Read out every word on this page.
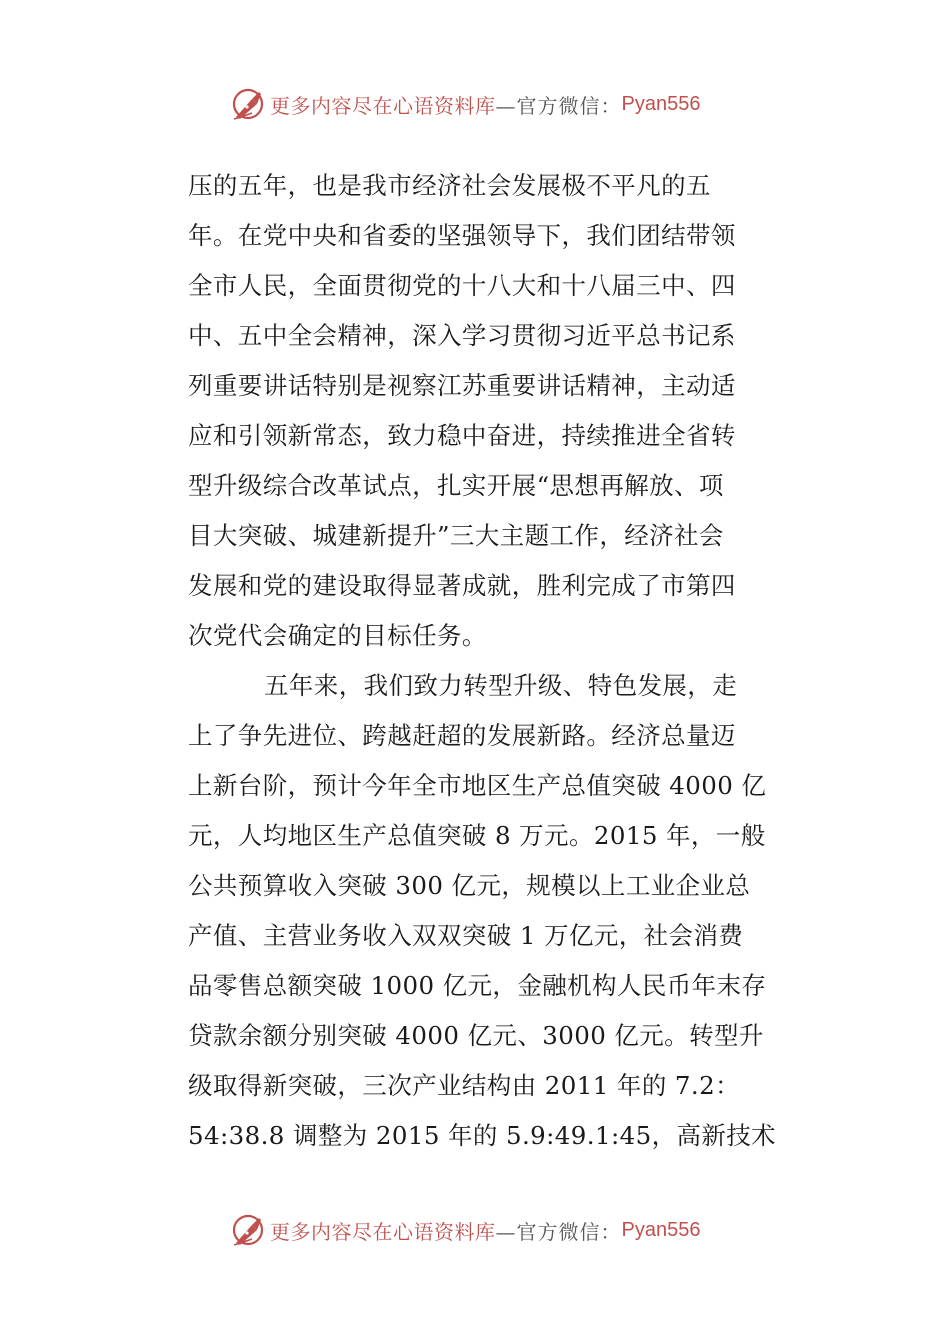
更多内容尽在心语资料库 —官方微信： Pyan556
压的五年，也是我市经济社会发展极不平凡的五
年。在党中央和省委的坚强领导下，我们团结带领
全市人民，全面贯彻党的十八大和十八届三中、四
中、五中全会精神，深入学习贯彻习近平总书记系
列重要讲话特别是视察江苏重要讲话精神，主动适
应和引领新常态，致力稳中奋进，持续推进全省转
型升级综合改革试点，扎实开展“思想再解放、项
目大突破、城建新提升”三大主题工作，经济社会
发展和党的建设取得显著成就，胜利完成了市第四
次党代会确定的目标任务。
五年来，我们致力转型升级、特色发展，走
上了争先进位、跨越赶超的发展新路。经济总量迈
上新台阶，预计今年全市地区生产总值突破 4000 亿
元，人均地区生产总值突破 8 万元。2015 年，一般
公共预算收入突破 300 亿元，规模以上工业企业总
产值、主营业务收入双双突破 1 万亿元，社会消费
品零售总额突破 1000 亿元，金融机构人民币年末存
贷款余额分别突破 4000 亿元、3000 亿元。转型升
级取得新突破，三次产业结构由 2011 年的 7.2：
54:38.8 调整为 2015 年的 5.9:49.1:45，高新技术
更多内容尽在心语资料库 —官方微信： Pyan556
